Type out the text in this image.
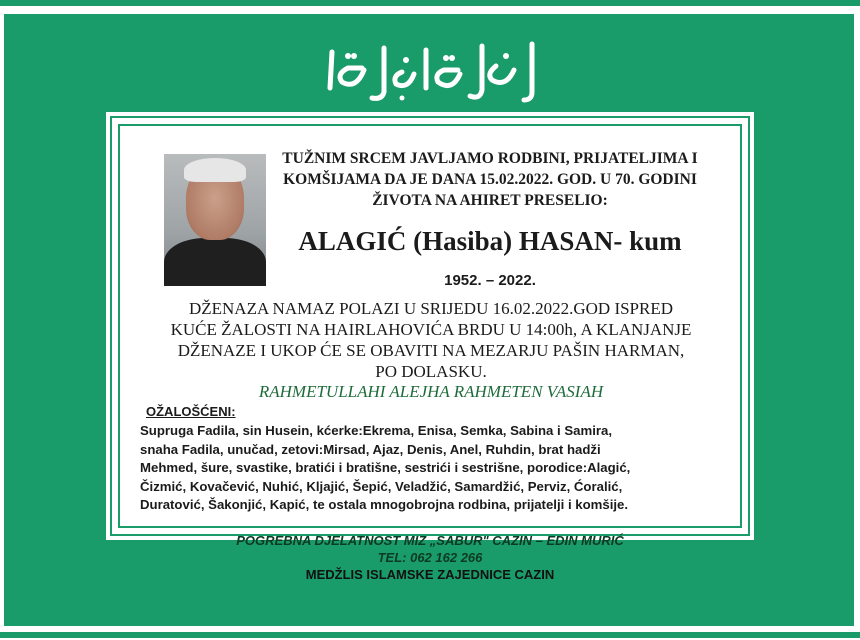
TUŽNIM SRCEM JAVLJAMO RODBINI, PRIJATELJIMA I
KOMŠIJAMA DA JE DANA 15.02.2022. GOD. U 70. GODINI
ŽIVOTA NA AHIRET PRESELIO:
ALAGIĆ (Hasiba) HASAN- kum
1952. – 2022.
DŽENAZA NAMAZ POLAZI U SRIJEDU 16.02.2022.GOD ISPRED
KUĆE ŽALOSTI NA HAIRLAHOVIĆA BRDU U 14:00h, A KLANJANJE
DŽENAZE I UKOP ĆE SE OBAVITI NA MEZARJU PAŠIN HARMAN,
PO DOLASKU.
RAHMETULLAHI ALEJHA RAHMETEN VASIAH
OŽALOŠĆENI:
Supruga Fadila, sin Husein, kćerke:Ekrema, Enisa, Semka, Sabina i Samira,
snaha Fadila, unučad, zetovi:Mirsad, Ajaz, Denis, Anel, Ruhdin, brat hadži
Mehmed, šure, svastike, bratići i bratišne, sestrići i sestrišne, porodice:Alagić,
Čizmić, Kovačević, Nuhić, Kljajić, Šepić, Veladžić, Samardžić, Perviz, Ćoralić,
Duratović, Šakonjić, Kapić, te ostala mnogobrojna rodbina, prijatelji i komšije.
POGREBNA DJELATNOST MIZ „SABUR" CAZIN – EDIN MURIĆ
TEL: 062 162 266
MEDŽLIS ISLAMSKE ZAJEDNICE CAZIN
